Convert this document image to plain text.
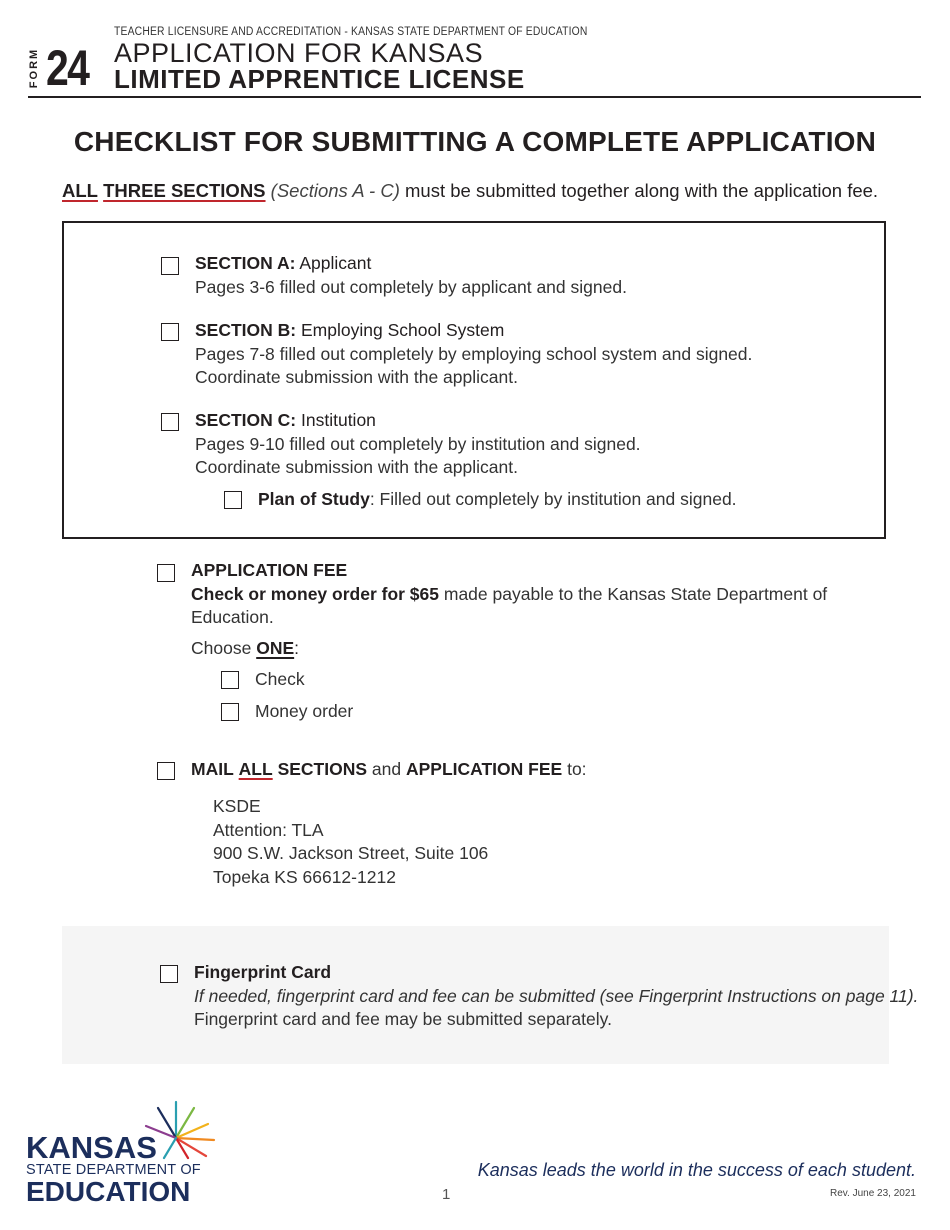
FORM 24
TEACHER LICENSURE AND ACCREDITATION - KANSAS STATE DEPARTMENT OF EDUCATION
APPLICATION FOR KANSAS
LIMITED APPRENTICE LICENSE
CHECKLIST FOR SUBMITTING A COMPLETE APPLICATION
ALL THREE SECTIONS (Sections A - C) must be submitted together along with the application fee.
SECTION A: Applicant
Pages 3-6 filled out completely by applicant and signed.
SECTION B: Employing School System
Pages 7-8 filled out completely by employing school system and signed.
Coordinate submission with the applicant.
SECTION C: Institution
Pages 9-10 filled out completely by institution and signed.
Coordinate submission with the applicant.
Plan of Study: Filled out completely by institution and signed.
APPLICATION FEE
Check or money order for $65 made payable to the Kansas State Department of
Education.
Choose ONE:
Check
Money order
MAIL ALL SECTIONS and APPLICATION FEE to:
KSDE
Attention: TLA
900 S.W. Jackson Street, Suite 106
Topeka KS 66612-1212
Fingerprint Card
If needed, fingerprint card and fee can be submitted (see Fingerprint Instructions on page 11).
Fingerprint card and fee may be submitted separately.
KANSAS
STATE DEPARTMENT OF
EDUCATION
Kansas leads the world in the success of each student.
1	Rev. June 23, 2021
